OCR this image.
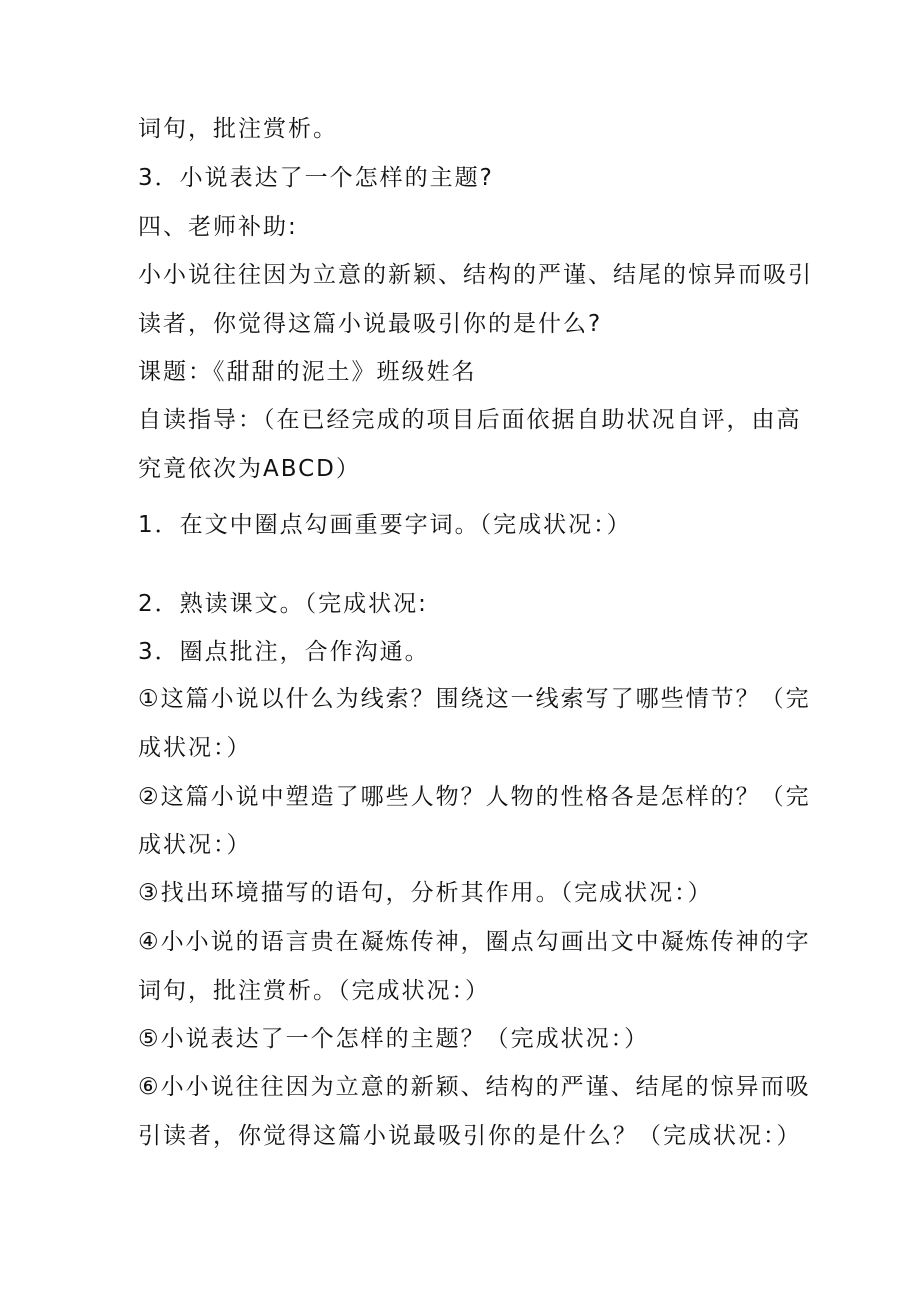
词句，批注赏析。
3．小说表达了一个怎样的主题?
四、老师补助:
小小说往往因为立意的新颖、结构的严谨、结尾的惊异而吸引
读者，你觉得这篇小说最吸引你的是什么?
课题：《甜甜的泥土》班级姓名
自读指导：（在已经完成的项目后面依据自助状况自评，由高
究竟依次为ABCD）
1．在文中圈点勾画重要字词。（完成状况：）
2．熟读课文。（完成状况:
3．圈点批注，合作沟通。
①这篇小说以什么为线索？围绕这一线索写了哪些情节？（完
成状况：）
②这篇小说中塑造了哪些人物？人物的性格各是怎样的？（完
成状况：）
③找出环境描写的语句，分析其作用。（完成状况：）
④小小说的语言贵在凝炼传神，圈点勾画出文中凝炼传神的字
词句，批注赏析。（完成状况：）
⑤小说表达了一个怎样的主题？（完成状况：）
⑥小小说往往因为立意的新颖、结构的严谨、结尾的惊异而吸
引读者，你觉得这篇小说最吸引你的是什么？（完成状况：）
